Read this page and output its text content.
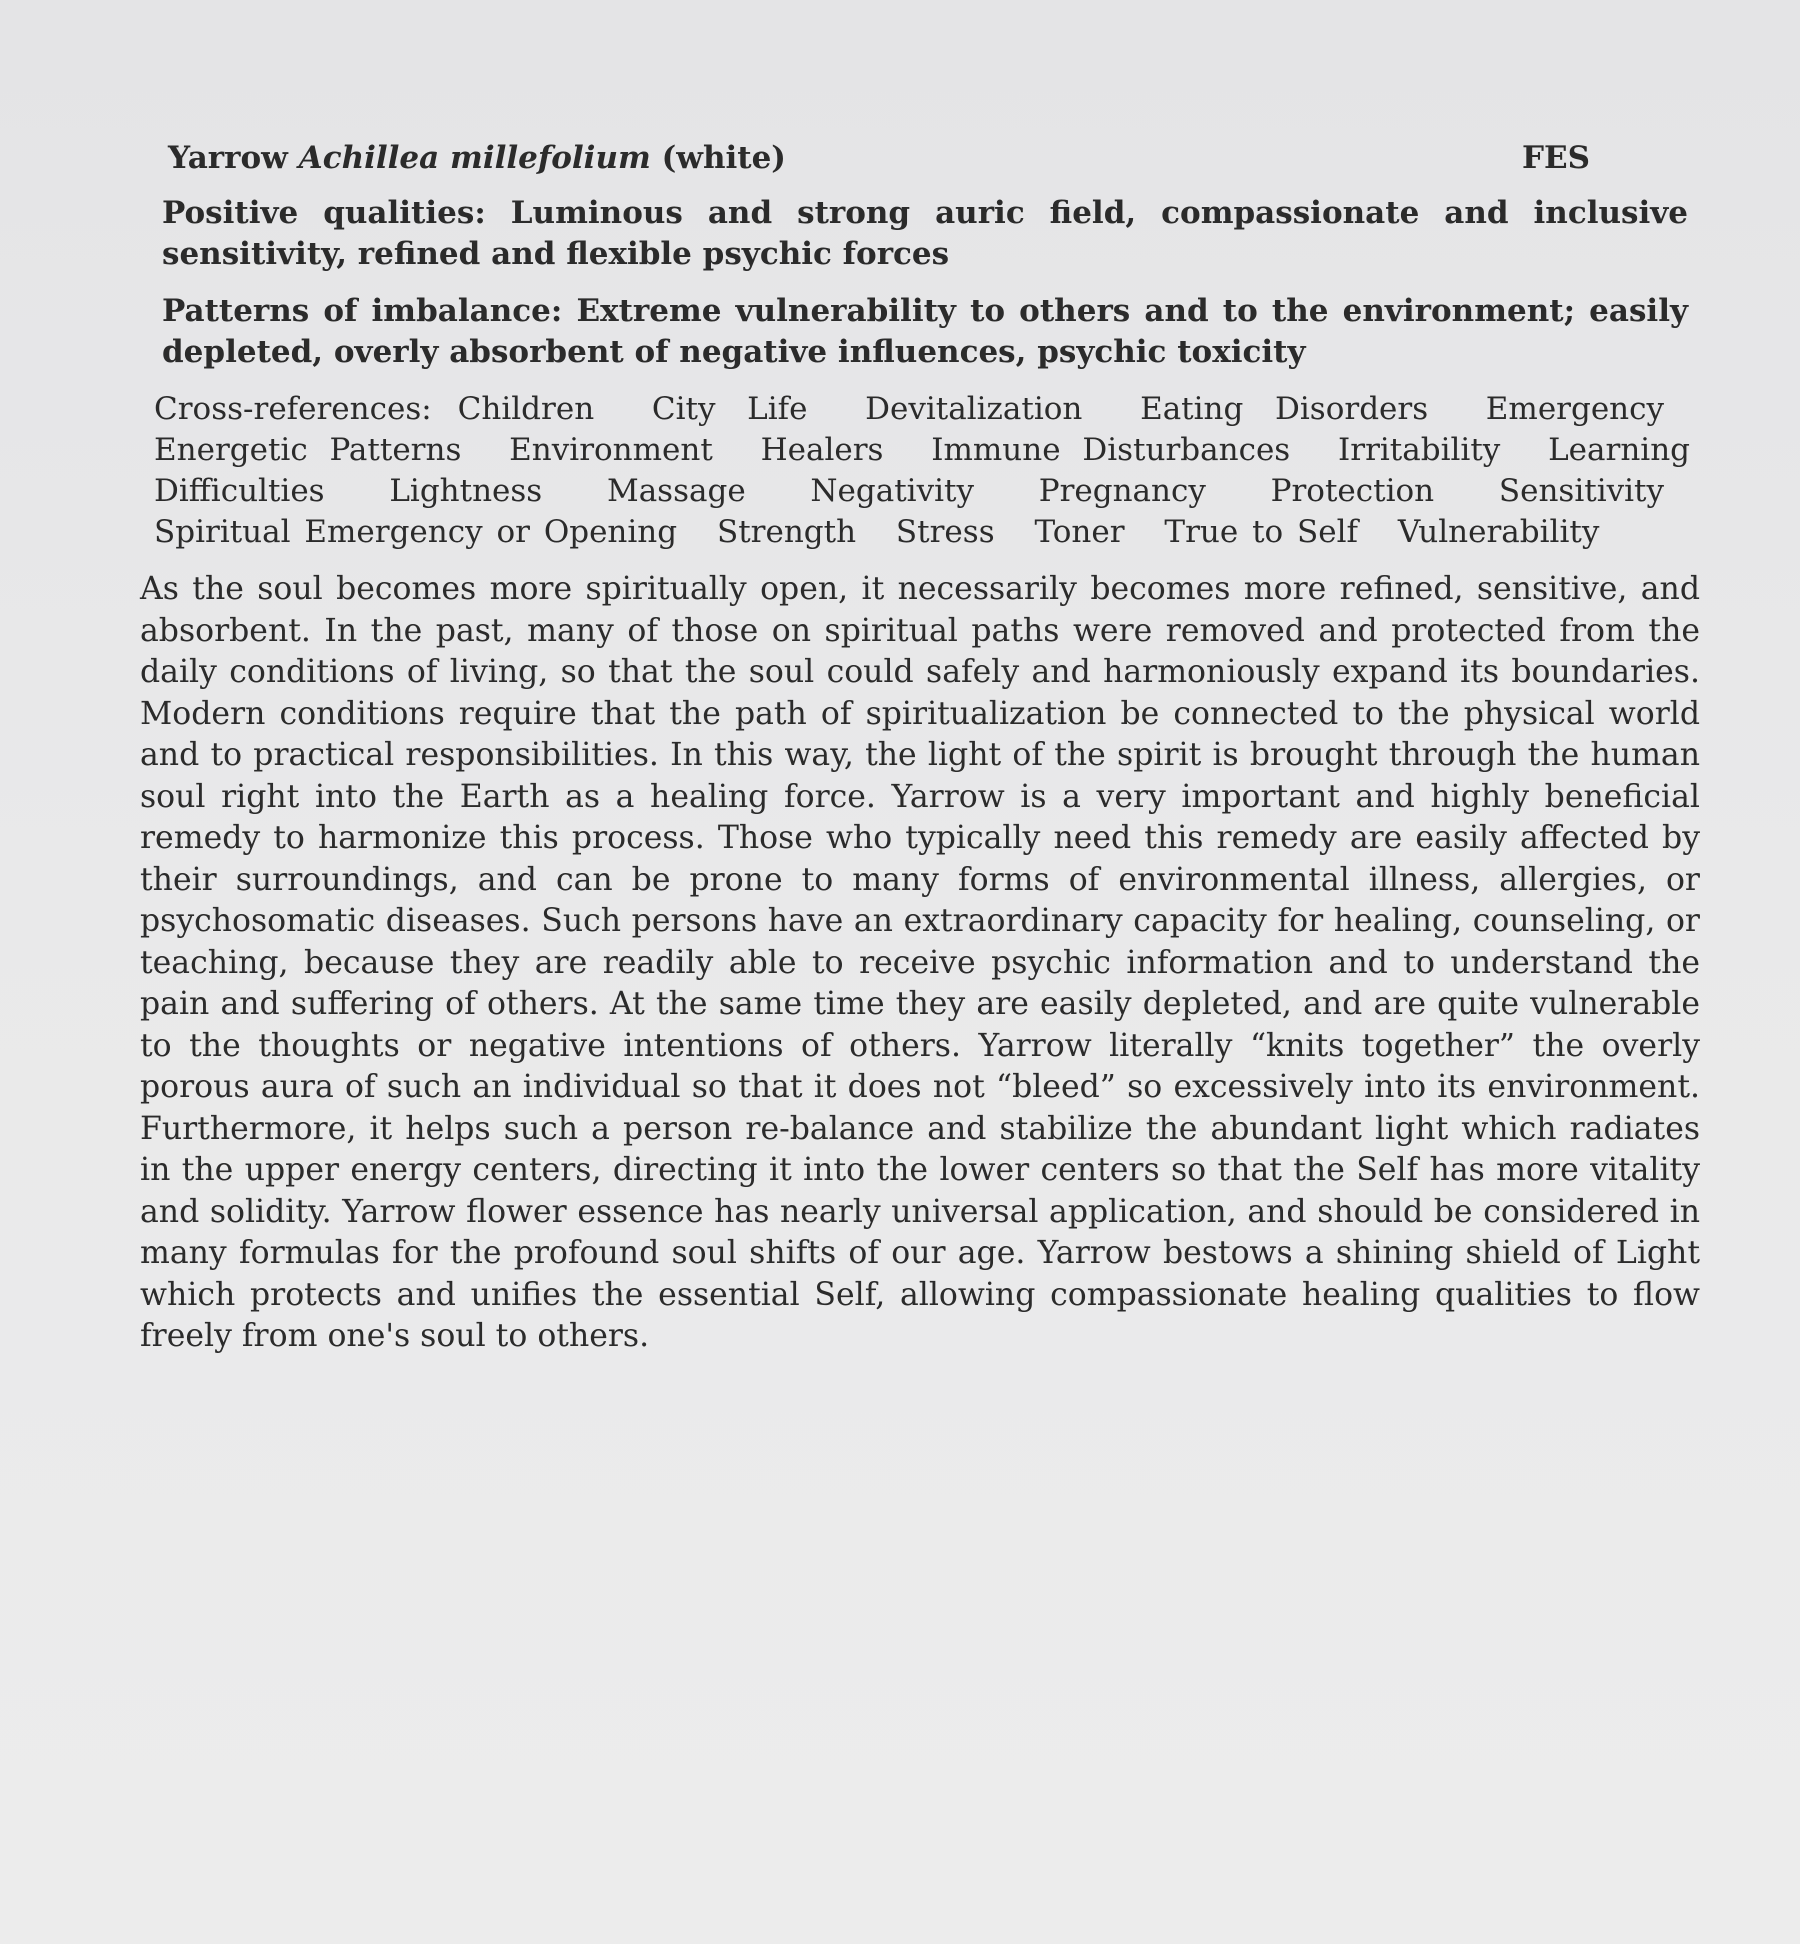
Yarrow Achillea millefolium (white)	FES
Positive qualities: Luminous and strong auric field, compassionate and inclusive sensitivity, refined and flexible psychic forces
Patterns of imbalance: Extreme vulnerability to others and to the environment; easily depleted, overly absorbent of negative influences, psychic toxicity
Cross-references: Children City Life Devitalization Eating Disorders Emergency Energetic Patterns Environment Healers Immune Disturbances Irritability Learning Difficulties Lightness Massage Negativity Pregnancy Protection Sensitivity Spiritual Emergency or Opening Strength Stress Toner True to Self Vulnerability
As the soul becomes more spiritually open, it necessarily becomes more refined, sensitive, and absorbent. In the past, many of those on spiritual paths were removed and protected from the daily conditions of living, so that the soul could safely and harmoniously expand its boundaries. Modern conditions require that the path of spiritualization be connected to the physical world and to practical responsibilities. In this way, the light of the spirit is brought through the human soul right into the Earth as a healing force. Yarrow is a very important and highly beneficial remedy to harmonize this process. Those who typically need this remedy are easily affected by their surroundings, and can be prone to many forms of environmental illness, allergies, or psychosomatic diseases. Such persons have an extraordinary capacity for healing, counseling, or teaching, because they are readily able to receive psychic information and to understand the pain and suffering of others. At the same time they are easily depleted, and are quite vulnerable to the thoughts or negative intentions of others. Yarrow literally “knits together” the overly porous aura of such an individual so that it does not “bleed” so excessively into its environment. Furthermore, it helps such a person re-balance and stabilize the abundant light which radiates in the upper energy centers, directing it into the lower centers so that the Self has more vitality and solidity. Yarrow flower essence has nearly universal application, and should be considered in many formulas for the profound soul shifts of our age. Yarrow bestows a shining shield of Light which protects and unifies the essential Self, allowing compassionate healing qualities to flow freely from one's soul to others.
